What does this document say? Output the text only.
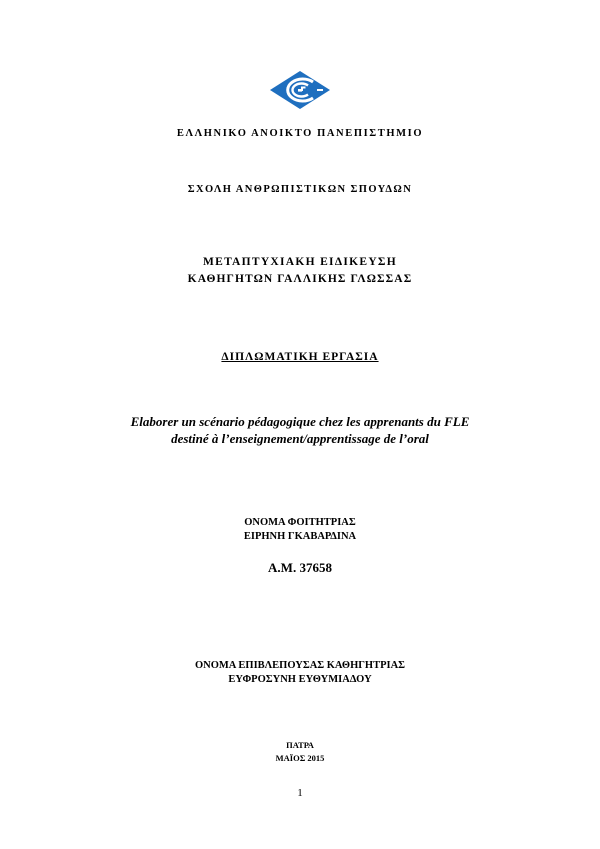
ΕΛΛΗΝΙΚΟ ΑΝΟΙΚΤΟ ΠΑΝΕΠΙΣΤΗΜΙΟ
ΣΧΟΛΗ ΑΝΘΡΩΠΙΣΤΙΚΩΝ ΣΠΟΥΔΩΝ
ΜΕΤΑΠΤΥΧΙΑΚΗ ΕΙΔΙΚΕΥΣΗ
ΚΑΘΗΓΗΤΩΝ ΓΑΛΛΙΚΗΣ ΓΛΩΣΣΑΣ
ΔΙΠΛΩΜΑΤΙΚΗ ΕΡΓΑΣΙΑ
Elaborer un scénario pédagogique chez les apprenants du FLE
destiné à l’enseignement/apprentissage de l’oral
ΟΝΟΜΑ ΦΟΙΤΗΤΡΙΑΣ
ΕΙΡΗΝΗ ΓΚΑΒΑΡΔΙΝΑ
Α.Μ. 37658
ΟΝΟΜΑ ΕΠΙΒΛΕΠΟΥΣΑΣ ΚΑΘΗΓΗΤΡΙΑΣ
ΕΥΦΡΟΣΥΝΗ ΕΥΘΥΜΙΑΔΟΥ
ΠΑΤΡΑ
ΜΑΪΟΣ 2015
1
